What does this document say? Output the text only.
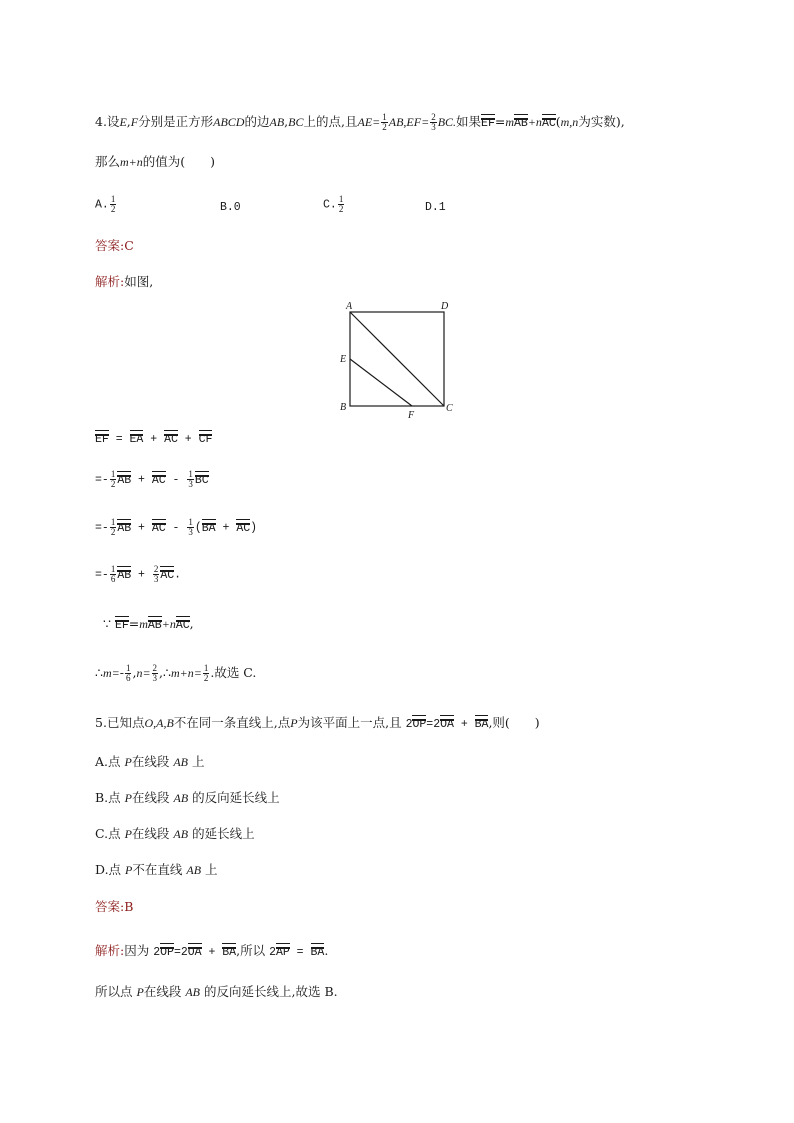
4.设E,F分别是正方形ABCD的边AB,BC上的点,且$AE= \frac{1}{2} AB,EF= \frac{2}{3}$ BC.如果EF=mAB+nAC(m,n为实数),
那么m+n的值为(　　)
A. $\frac{1}{2}$	B.0	C. $\frac{1}{2}$	D.1
答案:C
解析:如图,
A	D
E
B	C
F
EF = EA + AC + CF
=- $\frac{1}{2}$ AB + AC - $\frac{1}{3}$ BC
=- $\frac{1}{2}$ AB + AC - $\frac{1}{3} (BA + AC)$
=- $\frac{1}{6}$ AB + $\frac{2}{3}$ AC.
∵ EF=mAB+nAC,
∴m=- $\frac{1}{6} ,n= \frac{2}{3}$ ,∴m+n= $\frac{1}{2}$ .故选 C.
5.已知点O,A,B不在同一条直线上,点P为该平面上一点,且 2OP=2OA + BA,则(　　)
A.点 P在线段 AB 上
B.点 P在线段 AB 的反向延长线上
C.点 P在线段 AB 的延长线上
D.点 P不在直线 AB 上
答案:B
解析:因为 2OP=2OA + BA,所以 2AP = BA.
所以点 P在线段 AB 的反向延长线上,故选 B.
